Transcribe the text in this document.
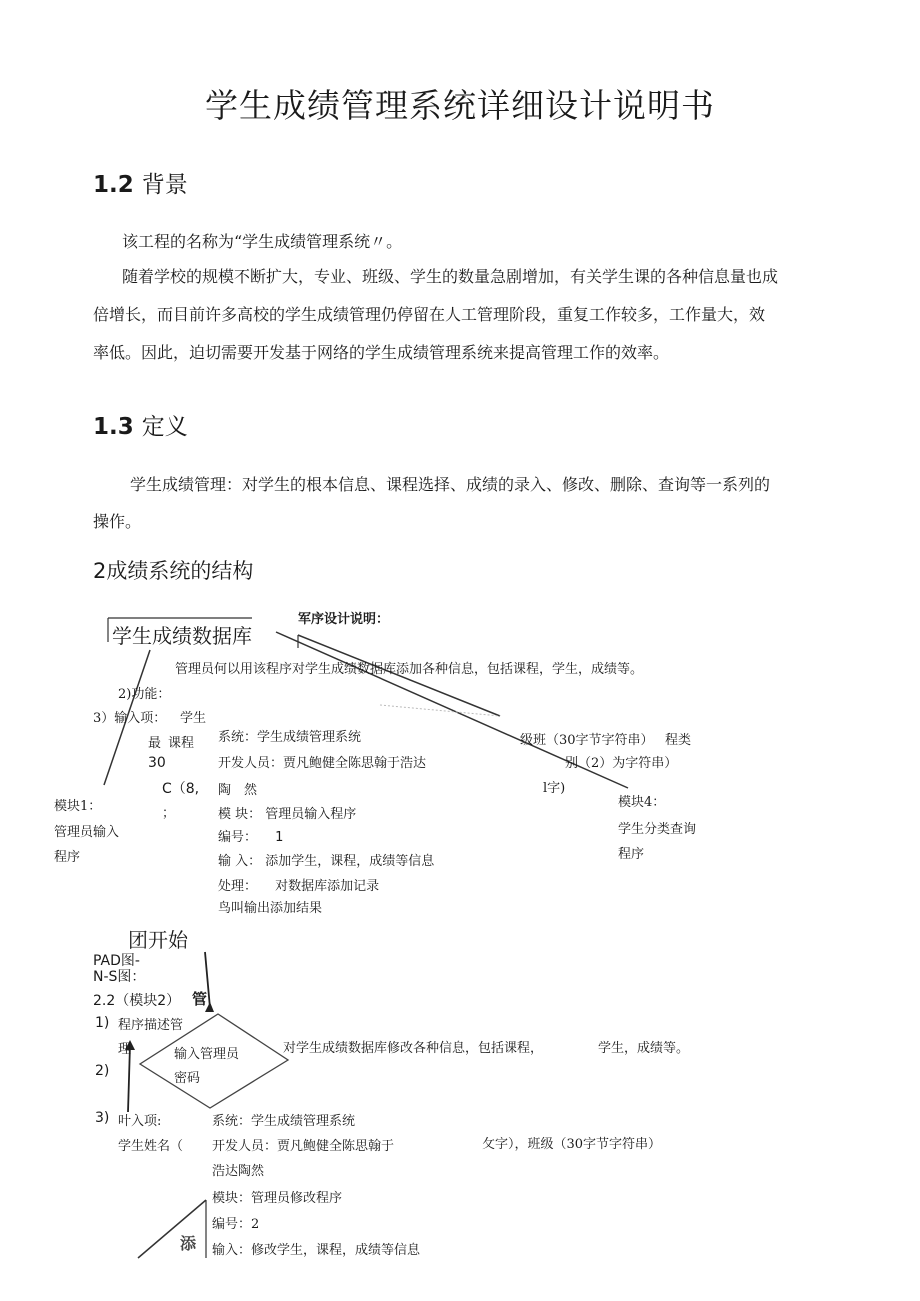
学生成绩管理系统详细设计说明书
1.2 背景
该工程的名称为“学生成绩管理系统〃。
随着学校的规模不断扩大，专业、班级、学生的数量急剧增加，有关学生课的各种信息量也成
倍增长，而目前许多高校的学生成绩管理仍停留在人工管理阶段，重复工作较多，工作量大，效
率低。因此，迫切需要开发基于网络的学生成绩管理系统来提高管理工作的效率。
1.3 定义
学生成绩管理：对学生的根本信息、课程选择、成绩的录入、修改、删除、查询等一系列的
操作。
2成绩系统的结构
学生成绩数据库
军序设计说明：
管理员何以用该程序对学生成绩数据库添加各种信息，包括课程，学生，成绩等。
2)功能：
3）输入项： 学生
最 课程
30
C（8,
；
系统：学生成绩管理系统
开发人员：贾凡鲍健全陈思翰于浩达
陶　然
模 块： 管理员输入程序
编号： 1
输 入： 添加学生，课程，成绩等信息
处理： 对数据库添加记录
鸟叫输出添加结果
级班（30字节字符串） 程类
别（2）为字符串）
l字)
模块1：
管理员输入
程序
模块4：
学生分类查询
程序
团开始
PAD图-
N-S图：
管
输入管理员
密码
添
2.2（模块2）
1) 程序描述管
理	对学生成绩数据库修改各种信息，包括课程，	学生，成绩等。
2)
3) 叶入项:
学生姓名（
系统：学生成绩管理系统
开发人员：贾凡鲍健全陈思翰于
浩达陶然
模块：管理员修改程序
编号：2
输入：修改学生，课程，成绩等信息
攵字），班级（30字节字符串）
